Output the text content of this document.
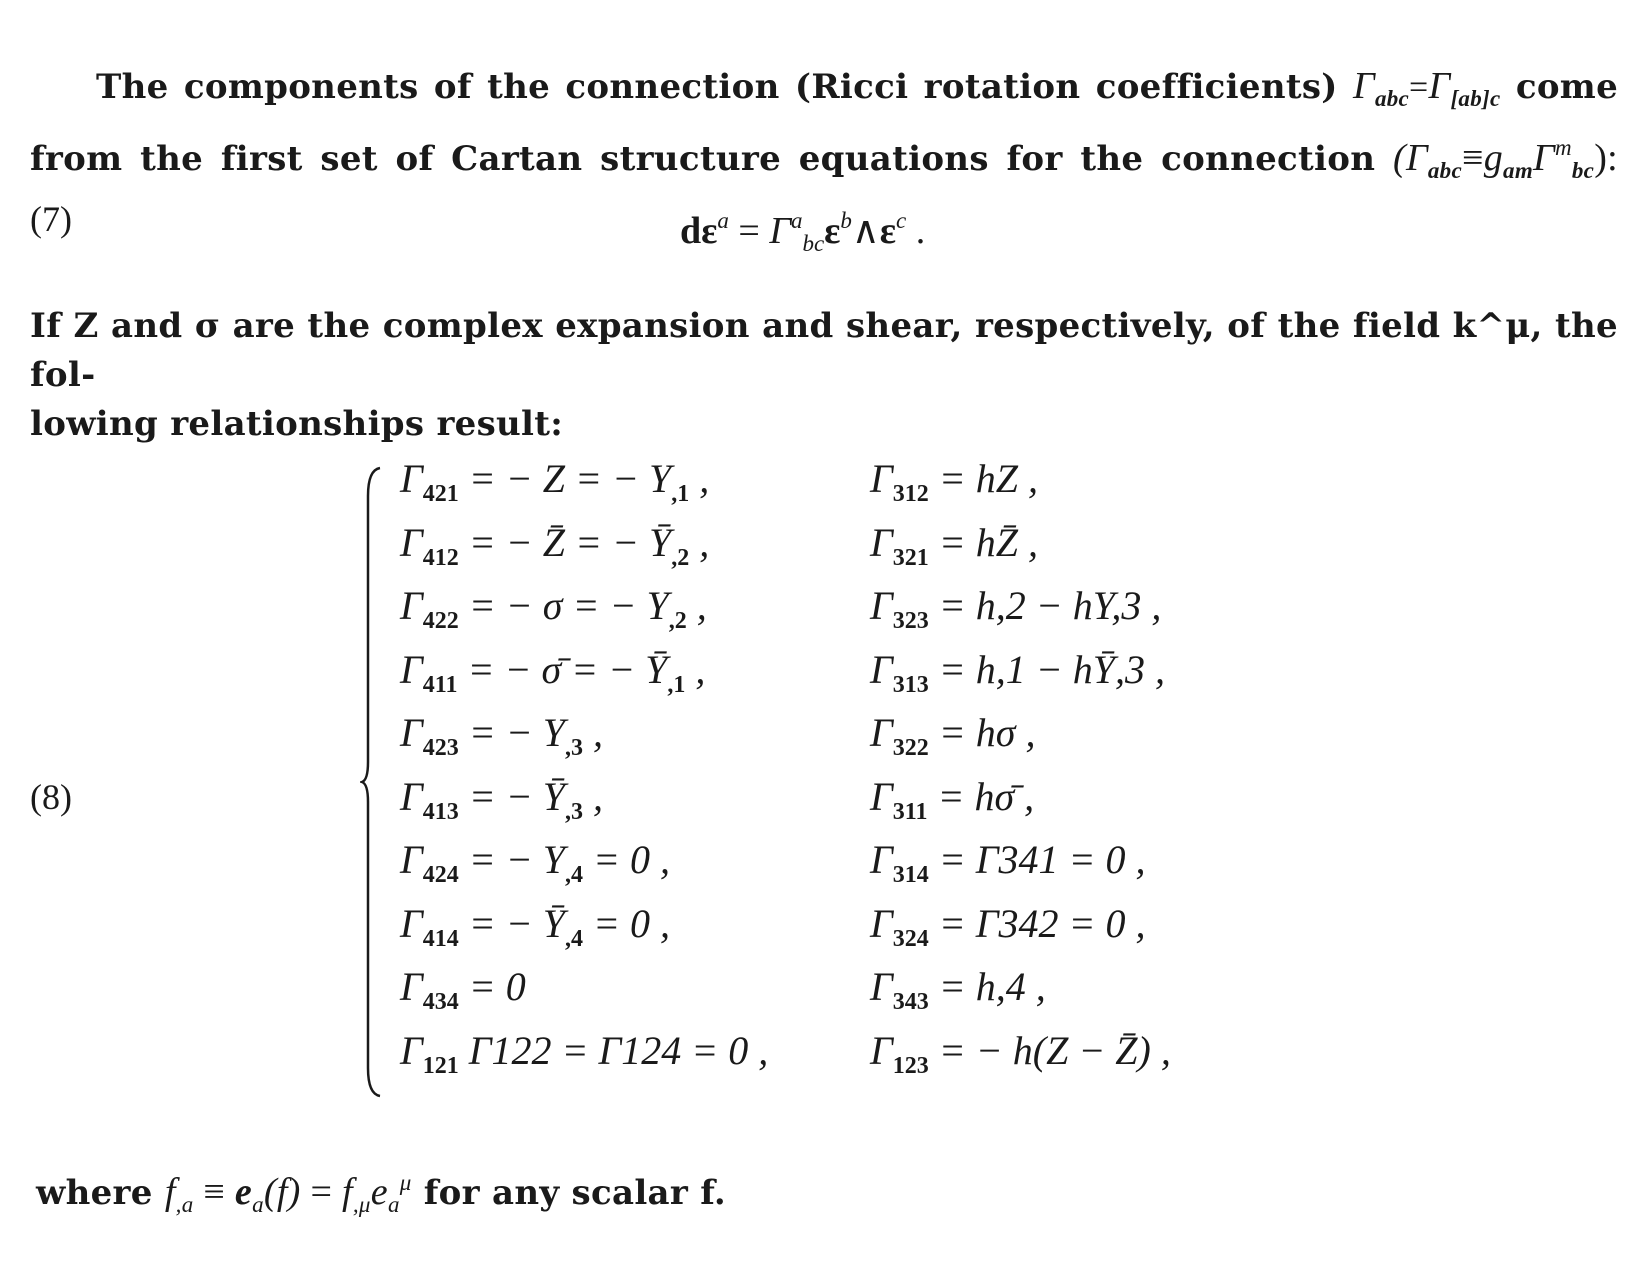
The components of the connection (Ricci rotation coefficients) $\Gamma_{abc}=\Gamma_{[ab]c}$ come from the first set of Cartan structure equations for the connection $(\Gamma_{abc}\equiv g_{am}\Gamma^m_{bc})$:
(7)	$d\varepsilon^a$ = $\Gamma^a_{bc}\varepsilon^b\wedge\varepsilon^c$ .
If Z and σ are the complex expansion and shear, respectively, of the field k^μ, the fol-
lowing relationships result:
(8)
$\Gamma_{421}$ = − Z = − $Y_{,1}$ ,	$\Gamma_{312}$ = hZ ,
$\Gamma_{412}$ = − Z̄ = − $Ȳ_{,2}$ ,	$\Gamma_{321}$ = hZ̄ ,
$\Gamma_{422}$ = − σ = − $Y_{,2}$ ,	$\Gamma_{323} = h,2 - hY,3$ ,
$\Gamma_{411}$ = − σ̄ = − $Ȳ_{,1}$ ,	$\Gamma_{313} = h,1$ − hȲ,3 ,
$\Gamma_{423}$ = − $Y_{,3}$ ,	$\Gamma_{322} = h\sigma$ ,
$\Gamma_{413}$ = − $Ȳ_{,3}$ ,	$\Gamma_{311}$ = hσ̄ ,
$\Gamma_{424}$ = − $Y_{,4} = 0$ ,	$\Gamma_{314} = \Gamma 341 = 0$ ,
$\Gamma_{414}$ = − $Ȳ_{,4} = 0$ ,	$\Gamma_{324} = \Gamma 342 = 0$ ,
$\Gamma_{434} = 0$	$\Gamma_{343} = h,4$ ,
$\Gamma_{121}$ Γ122 = Γ124 = 0 ,	$\Gamma_{123}$ = − h(Z − Z̄) ,
where $f_{,a} \equiv e_a(f) = f_{,\mu}e_a^\mu$ for any scalar f.
